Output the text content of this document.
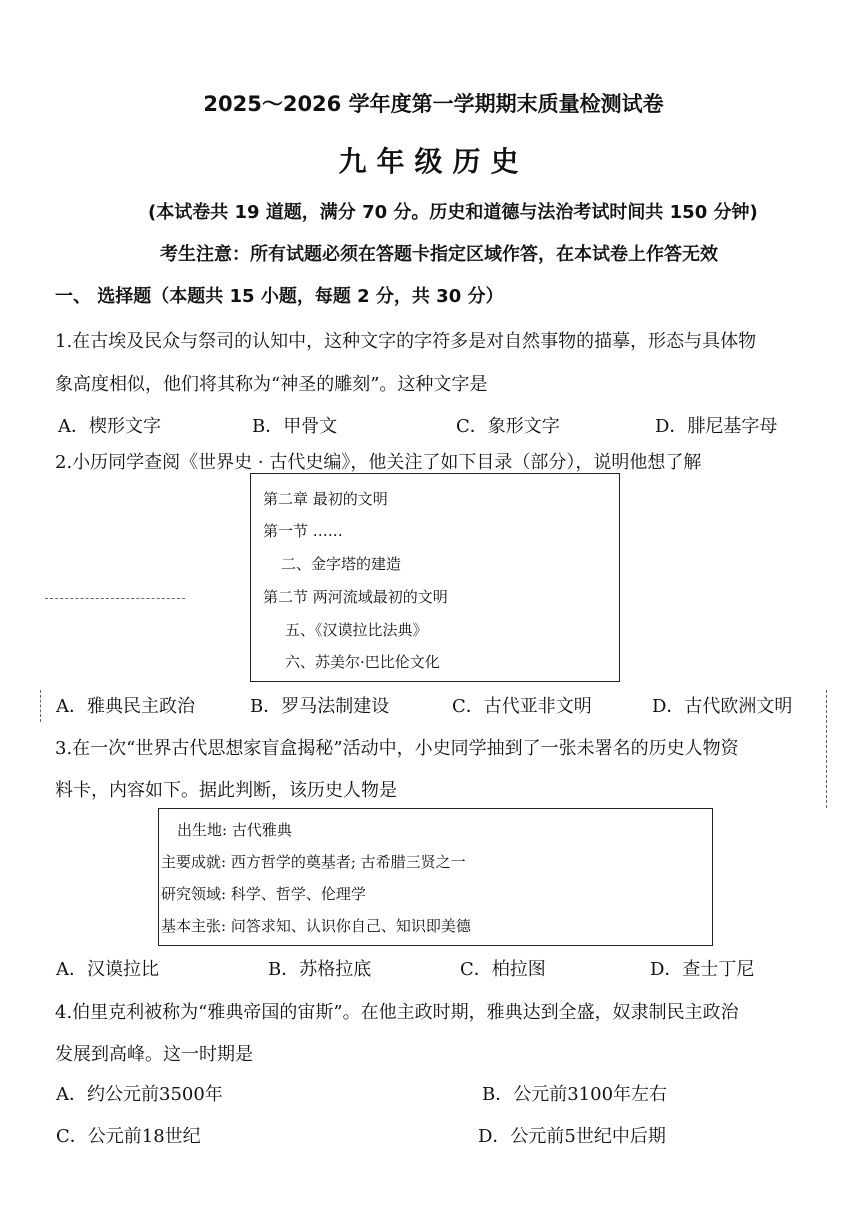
2025～2026 学年度第一学期期末质量检测试卷
九年级历史
(本试卷共 19 道题，满分 70 分。历史和道德与法治考试时间共 150 分钟)
考生注意：所有试题必须在答题卡指定区域作答，在本试卷上作答无效
一、 选择题（本题共 15 小题，每题 2 分，共 30 分）
1.在古埃及民众与祭司的认知中，这种文字的字符多是对自然事物的描摹，形态与具体物
象高度相似，他们将其称为“神圣的雕刻”。这种文字是
A．楔形文字	B．甲骨文	C．象形文字	D．腓尼基字母
2.小历同学查阅《世界史 · 古代史编》，他关注了如下目录（部分），说明他想了解
第二章 最初的文明
第一节 ……
二、金字塔的建造
第二节 两河流域最初的文明
五、《汉谟拉比法典》
六、苏美尔·巴比伦文化
A．雅典民主政治	B．罗马法制建设	C．古代亚非文明	D．古代欧洲文明
3.在一次“世界古代思想家盲盒揭秘”活动中，小史同学抽到了一张未署名的历史人物资
料卡，内容如下。据此判断，该历史人物是
出生地: 古代雅典
主要成就: 西方哲学的奠基者; 古希腊三贤之一
研究领域: 科学、哲学、伦理学
基本主张: 问答求知、认识你自己、知识即美德
A．汉谟拉比	B．苏格拉底	C．柏拉图	D．查士丁尼
4.伯里克利被称为“雅典帝国的宙斯”。在他主政时期，雅典达到全盛，奴隶制民主政治
发展到高峰。这一时期是
A．约公元前3500年	B．公元前3100年左右
C．公元前18世纪	D．公元前5世纪中后期
